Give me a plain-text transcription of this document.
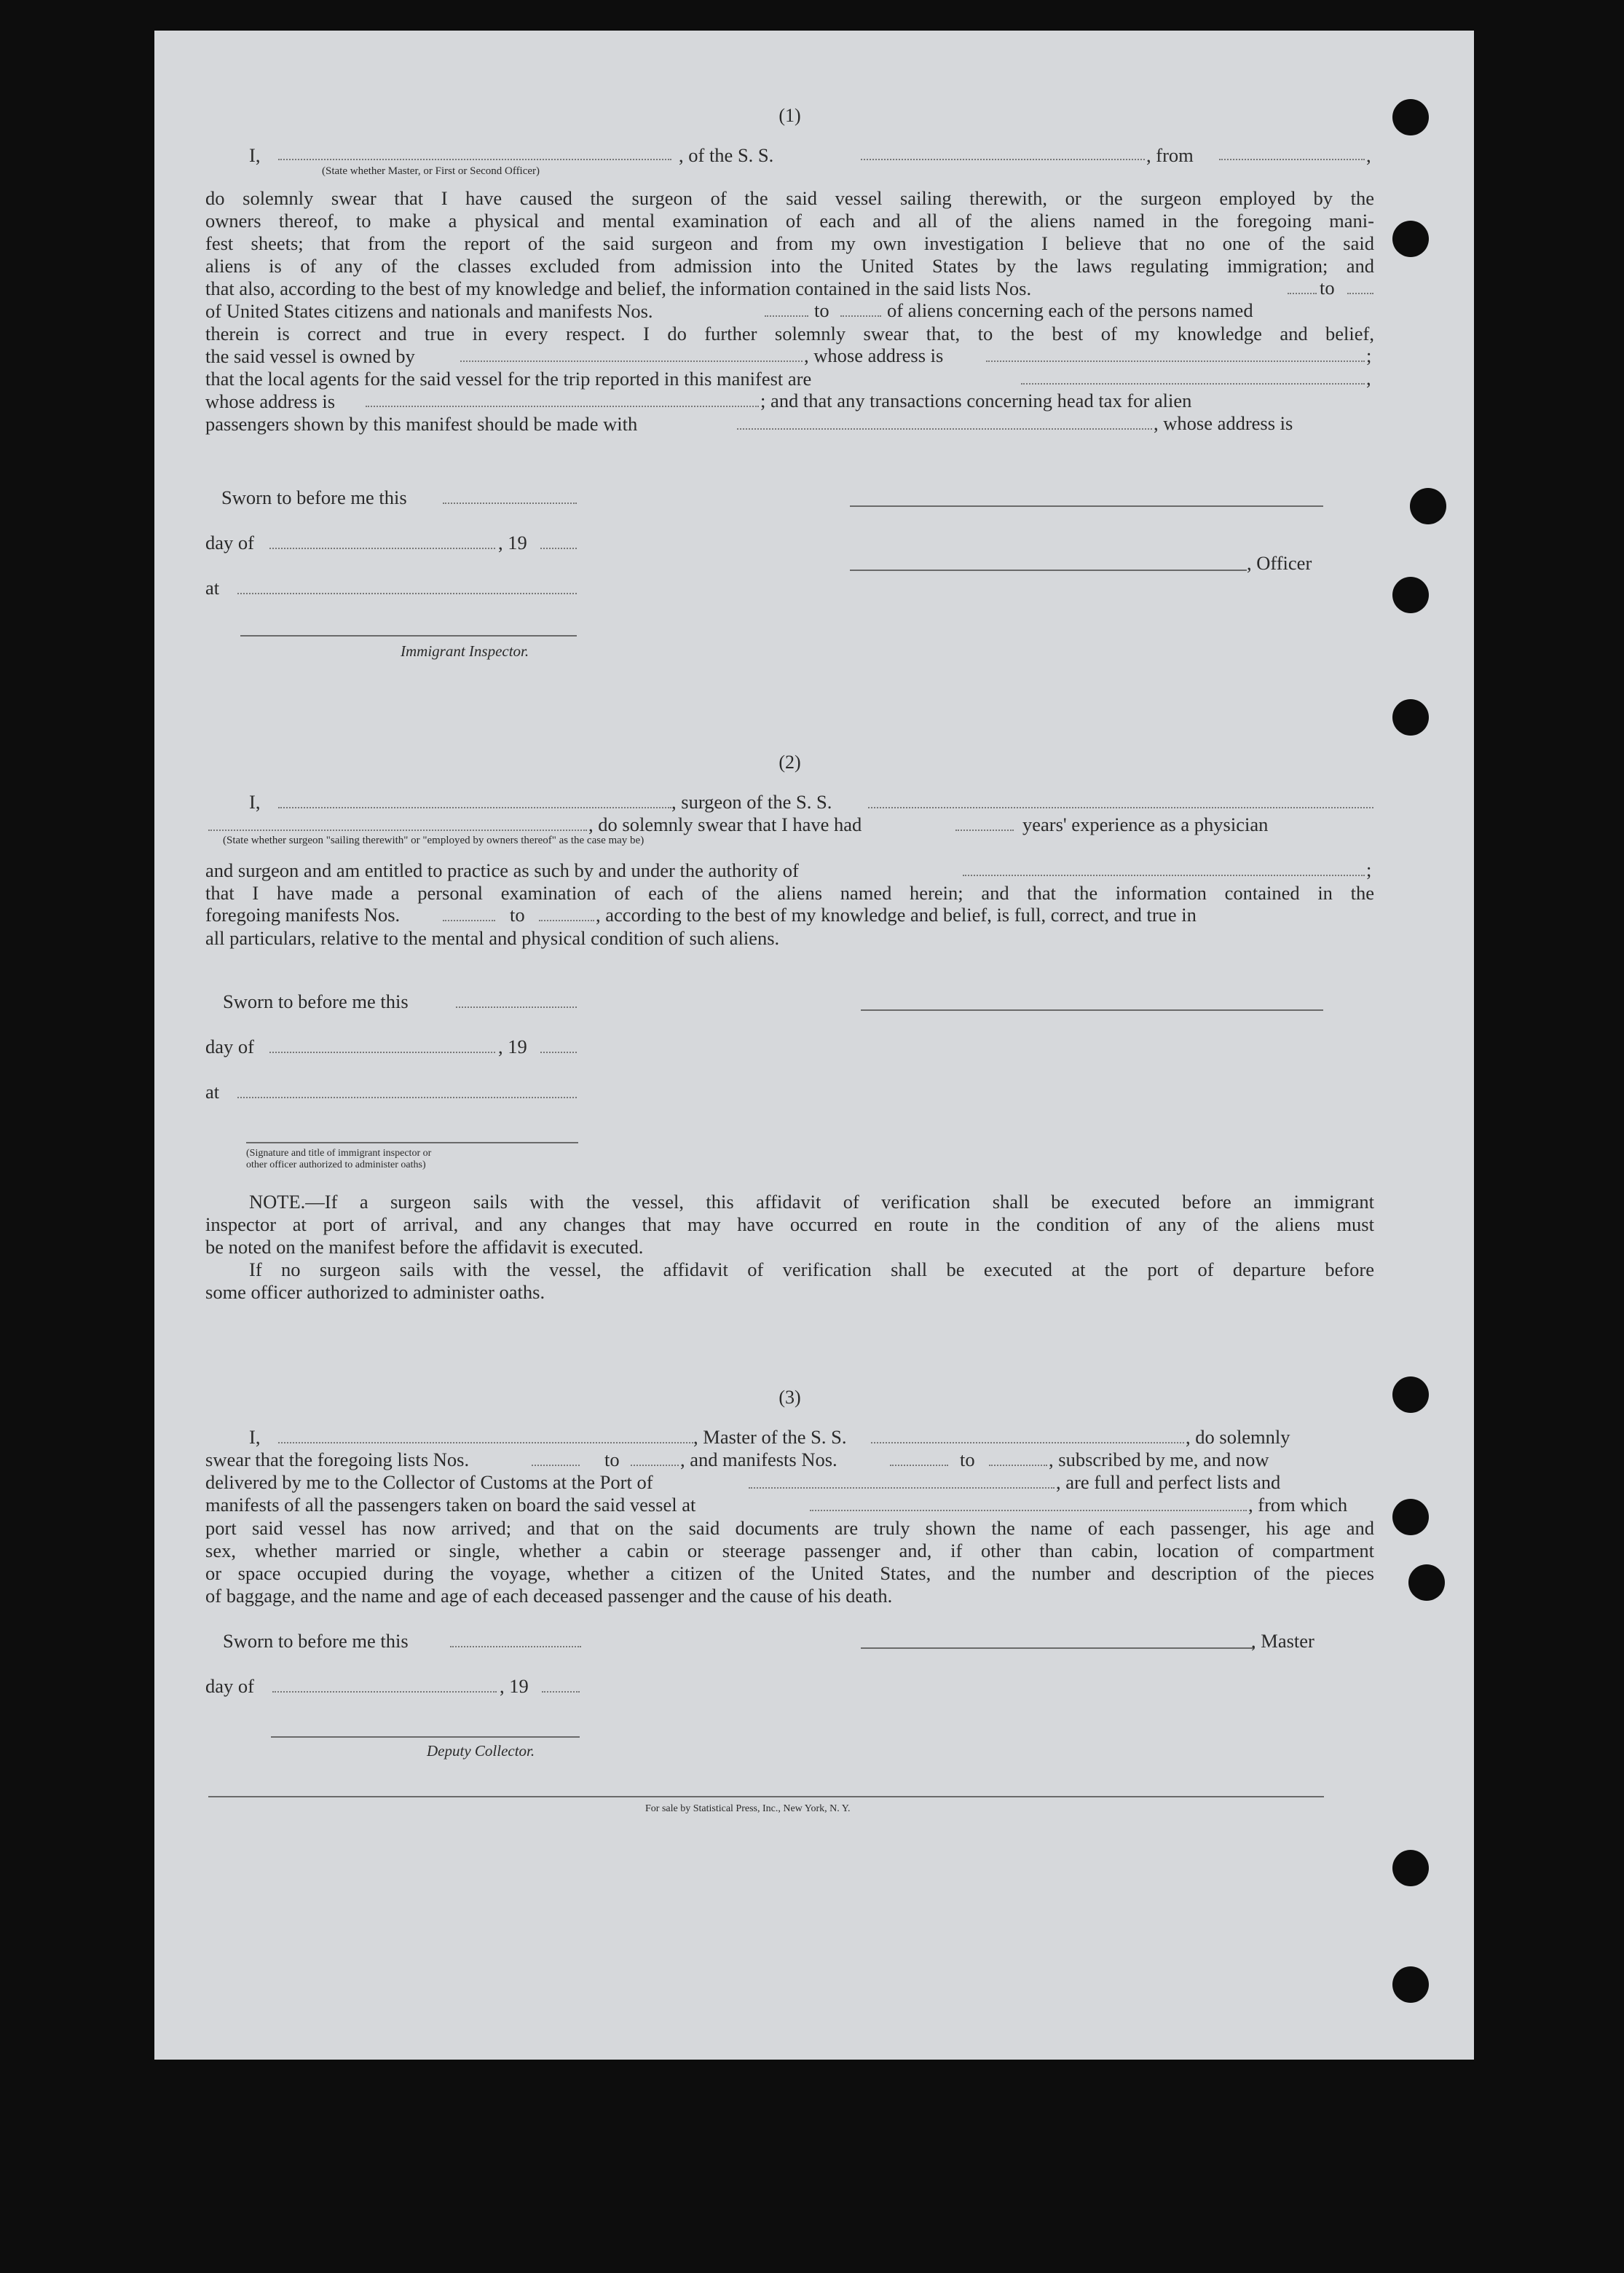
(1)
I,	, of the S. S.	, from	,
(State whether Master, or First or Second Officer)
do solemnly swear that I have caused the surgeon of the said vessel sailing therewith, or the surgeon employed by the
owners thereof, to make a physical and mental examination of each and all of the aliens named in the foregoing mani-
fest sheets; that from the report of the said surgeon and from my own investigation I believe that no one of the said
aliens is of any of the classes excluded from admission into the United States by the laws regulating immigration; and
that also, according to the best of my knowledge and belief, the information contained in the said lists Nos.	to
of United States citizens and nationals and manifests Nos.	to	of aliens concerning each of the persons named
therein is correct and true in every respect. I do further solemnly swear that, to the best of my knowledge and belief,
the said vessel is owned by	, whose address is	;
that the local agents for the said vessel for the trip reported in this manifest are	,
whose address is	; and that any transactions concerning head tax for alien
passengers shown by this manifest should be made with	, whose address is
Sworn to before me this
day of	, 19
, Officer
at
Immigrant Inspector.
(2)
I,	, surgeon of the S. S.
, do solemnly swear that I have had	years' experience as a physician
(State whether surgeon "sailing therewith" or "employed by owners thereof" as the case may be)
and surgeon and am entitled to practice as such by and under the authority of	;
that I have made a personal examination of each of the aliens named herein; and that the information contained in the
foregoing manifests Nos.	to	, according to the best of my knowledge and belief, is full, correct, and true in
all particulars, relative to the mental and physical condition of such aliens.
Sworn to before me this
day of	, 19
at
(Signature and title of immigrant inspector or
other officer authorized to administer oaths)
NOTE.—If a surgeon sails with the vessel, this affidavit of verification shall be executed before an immigrant
inspector at port of arrival, and any changes that may have occurred en route in the condition of any of the aliens must
be noted on the manifest before the affidavit is executed.
If no surgeon sails with the vessel, the affidavit of verification shall be executed at the port of departure before
some officer authorized to administer oaths.
(3)
I,	, Master of the S. S.	, do solemnly
swear that the foregoing lists Nos.	to	, and manifests Nos.	to	, subscribed by me, and now
delivered by me to the Collector of Customs at the Port of	, are full and perfect lists and
manifests of all the passengers taken on board the said vessel at	, from which
port said vessel has now arrived; and that on the said documents are truly shown the name of each passenger, his age and
sex, whether married or single, whether a cabin or steerage passenger and, if other than cabin, location of compartment
or space occupied during the voyage, whether a citizen of the United States, and the number and description of the pieces
of baggage, and the name and age of each deceased passenger and the cause of his death.
Sworn to before me this	, Master
day of	, 19
Deputy Collector.
For sale by Statistical Press, Inc., New York, N. Y.
